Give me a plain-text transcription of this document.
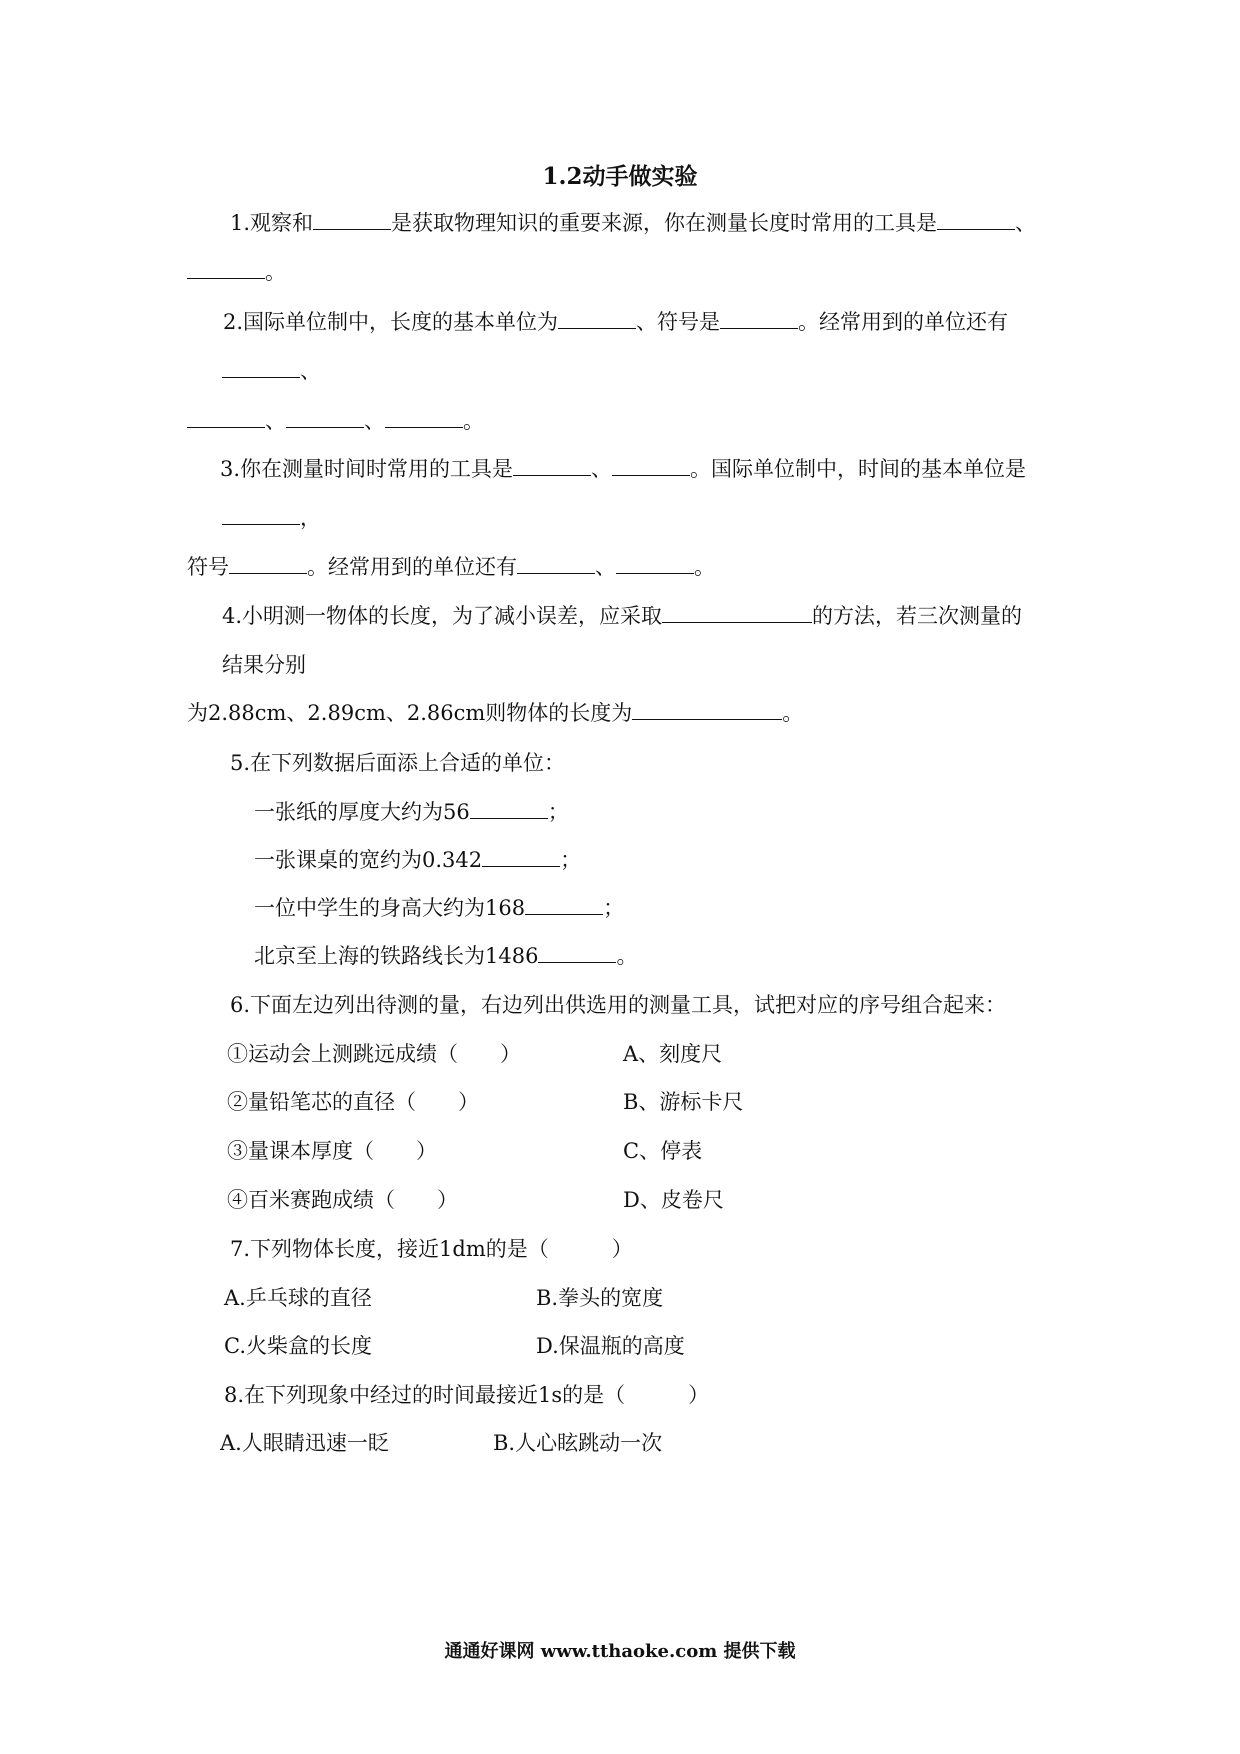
1.2动手做实验
1.观察和	是获取物理知识的重要来源，你在测量长度时常用的工具是	、
。
2.国际单位制中，长度的基本单位为	、符号是	。经常用到的单位还有
、
、	、	。
3.你在测量时间时常用的工具是	、	。国际单位制中，时间的基本单位是
，
符号	。经常用到的单位还有	、	。
4.小明测一物体的长度，为了减小误差，应采取	的方法，若三次测量的
结果分别
为2.88cm、2.89cm、2.86cm则物体的长度为	。
5.在下列数据后面添上合适的单位：
一张纸的厚度大约为56	；
一张课桌的宽约为0.342	；
一位中学生的身高大约为168	；
北京至上海的铁路线长为1486	。
6.下面左边列出待测的量，右边列出供选用的测量工具，试把对应的序号组合起来：
①运动会上测跳远成绩（　　）	A、刻度尺
②量铅笔芯的直径（　　）	B、游标卡尺
③量课本厚度（　　）	C、停表
④百米赛跑成绩（　　）	D、皮卷尺
7.下列物体长度，接近1dm的是（　　　）
A.乒乓球的直径	B.拳头的宽度
C.火柴盒的长度	D.保温瓶的高度
8.在下列现象中经过的时间最接近1s的是（　　　）
A.人眼睛迅速一眨	B.人心眩跳动一次
通通好课网 www.tthaoke.com 提供下载
